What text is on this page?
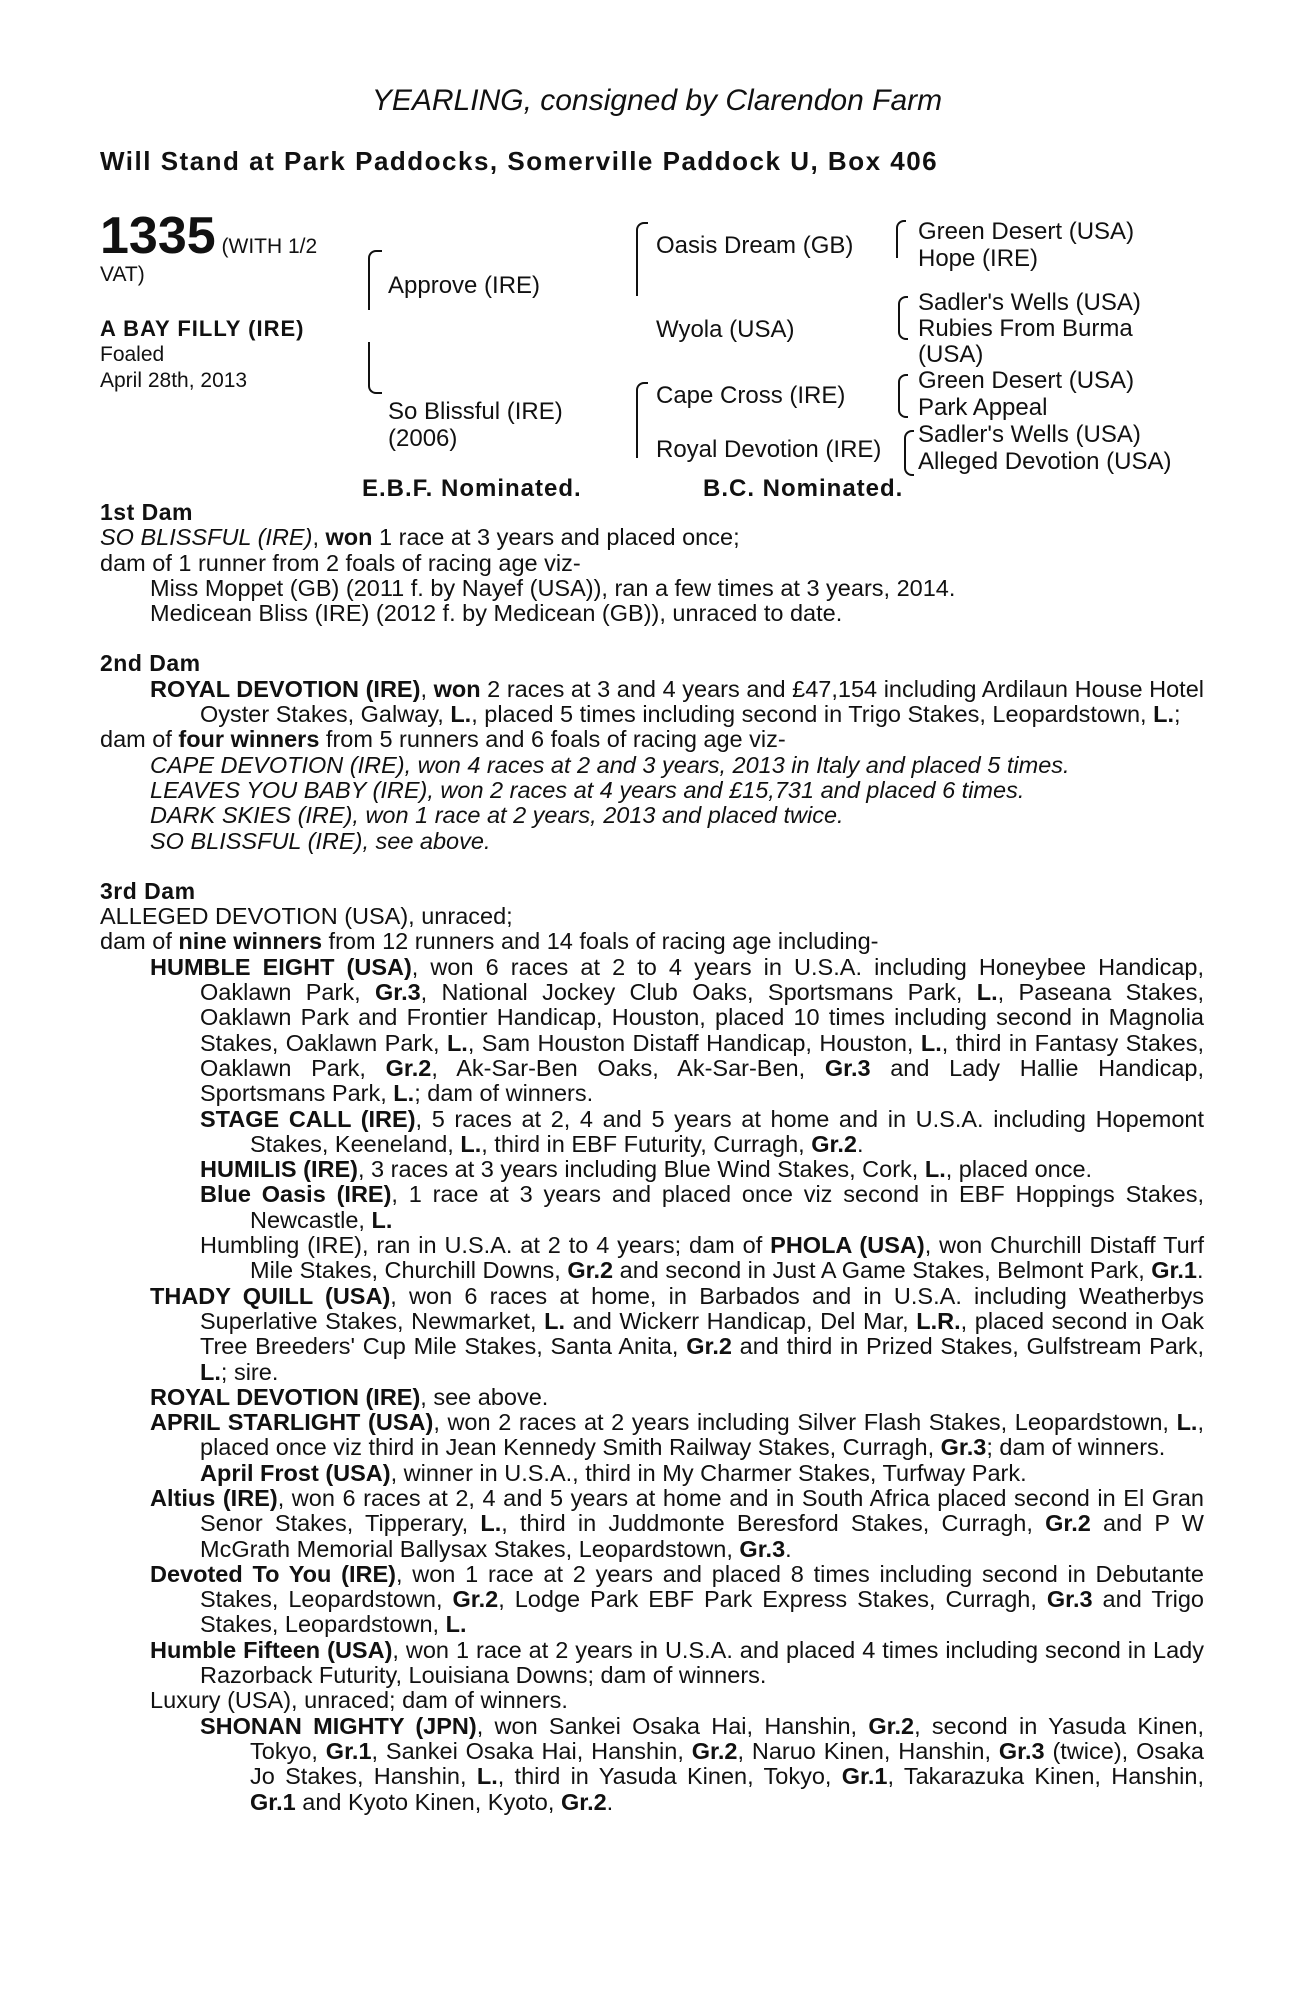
YEARLING, consigned by Clarendon Farm
Will Stand at Park Paddocks, Somerville Paddock U, Box 406
1335 (WITH 1/2
VAT)

A BAY FILLY (IRE)
Foaled
April 28th, 2013
Approve (IRE)
So Blissful (IRE)
(2006)
Oasis Dream (GB)
Wyola (USA)
Cape Cross (IRE)
Royal Devotion (IRE)
Green Desert (USA)
Hope (IRE)
Sadler's Wells (USA)
Rubies From Burma
(USA)
Green Desert (USA)
Park Appeal
Sadler's Wells (USA)
Alleged Devotion (USA)
E.B.F. Nominated.	B.C. Nominated.

1st Dam

SO BLISSFUL (IRE), won 1 race at 3 years and placed once;

dam of 1 runner from 2 foals of racing age viz-

Miss Moppet (GB) (2011 f. by Nayef (USA)), ran a few times at 3 years, 2014.

Medicean Bliss (IRE) (2012 f. by Medicean (GB)), unraced to date.

2nd Dam

ROYAL DEVOTION (IRE), won 2 races at 3 and 4 years and £47,154 including Ardilaun House Hotel Oyster Stakes, Galway, L., placed 5 times including second in Trigo Stakes, Leopardstown, L.;

dam of four winners from 5 runners and 6 foals of racing age viz-

CAPE DEVOTION (IRE), won 4 races at 2 and 3 years, 2013 in Italy and placed 5 times.

LEAVES YOU BABY (IRE), won 2 races at 4 years and £15,731 and placed 6 times.

DARK SKIES (IRE), won 1 race at 2 years, 2013 and placed twice.

SO BLISSFUL (IRE), see above.

3rd Dam

ALLEGED DEVOTION (USA), unraced;

dam of nine winners from 12 runners and 14 foals of racing age including-

HUMBLE EIGHT (USA), won 6 races at 2 to 4 years in U.S.A. including Honeybee Handicap, Oaklawn Park, Gr.3, National Jockey Club Oaks, Sportsmans Park, L., Paseana Stakes, Oaklawn Park and Frontier Handicap, Houston, placed 10 times including second in Magnolia Stakes, Oaklawn Park, L., Sam Houston Distaff Handicap, Houston, L., third in Fantasy Stakes, Oaklawn Park, Gr.2, Ak-Sar-Ben Oaks, Ak-Sar-Ben, Gr.3 and Lady Hallie Handicap, Sportsmans Park, L.; dam of winners.

STAGE CALL (IRE), 5 races at 2, 4 and 5 years at home and in U.S.A. including Hopemont Stakes, Keeneland, L., third in EBF Futurity, Curragh, Gr.2.

HUMILIS (IRE), 3 races at 3 years including Blue Wind Stakes, Cork, L., placed once.

Blue Oasis (IRE), 1 race at 3 years and placed once viz second in EBF Hoppings Stakes, Newcastle, L.

Humbling (IRE), ran in U.S.A. at 2 to 4 years; dam of PHOLA (USA), won Churchill Distaff Turf Mile Stakes, Churchill Downs, Gr.2 and second in Just A Game Stakes, Belmont Park, Gr.1.

THADY QUILL (USA), won 6 races at home, in Barbados and in U.S.A. including Weatherbys Superlative Stakes, Newmarket, L. and Wickerr Handicap, Del Mar, L.R., placed second in Oak Tree Breeders' Cup Mile Stakes, Santa Anita, Gr.2 and third in Prized Stakes, Gulfstream Park, L.; sire.

ROYAL DEVOTION (IRE), see above.

APRIL STARLIGHT (USA), won 2 races at 2 years including Silver Flash Stakes, Leopardstown, L., placed once viz third in Jean Kennedy Smith Railway Stakes, Curragh, Gr.3; dam of winners.

April Frost (USA), winner in U.S.A., third in My Charmer Stakes, Turfway Park.

Altius (IRE), won 6 races at 2, 4 and 5 years at home and in South Africa placed second in El Gran Senor Stakes, Tipperary, L., third in Juddmonte Beresford Stakes, Curragh, Gr.2 and P W McGrath Memorial Ballysax Stakes, Leopardstown, Gr.3.

Devoted To You (IRE), won 1 race at 2 years and placed 8 times including second in Debutante Stakes, Leopardstown, Gr.2, Lodge Park EBF Park Express Stakes, Curragh, Gr.3 and Trigo Stakes, Leopardstown, L.

Humble Fifteen (USA), won 1 race at 2 years in U.S.A. and placed 4 times including second in Lady Razorback Futurity, Louisiana Downs; dam of winners.

Luxury (USA), unraced; dam of winners.

SHONAN MIGHTY (JPN), won Sankei Osaka Hai, Hanshin, Gr.2, second in Yasuda Kinen, Tokyo, Gr.1, Sankei Osaka Hai, Hanshin, Gr.2, Naruo Kinen, Hanshin, Gr.3 (twice), Osaka Jo Stakes, Hanshin, L., third in Yasuda Kinen, Tokyo, Gr.1, Takarazuka Kinen, Hanshin, Gr.1 and Kyoto Kinen, Kyoto, Gr.2.
